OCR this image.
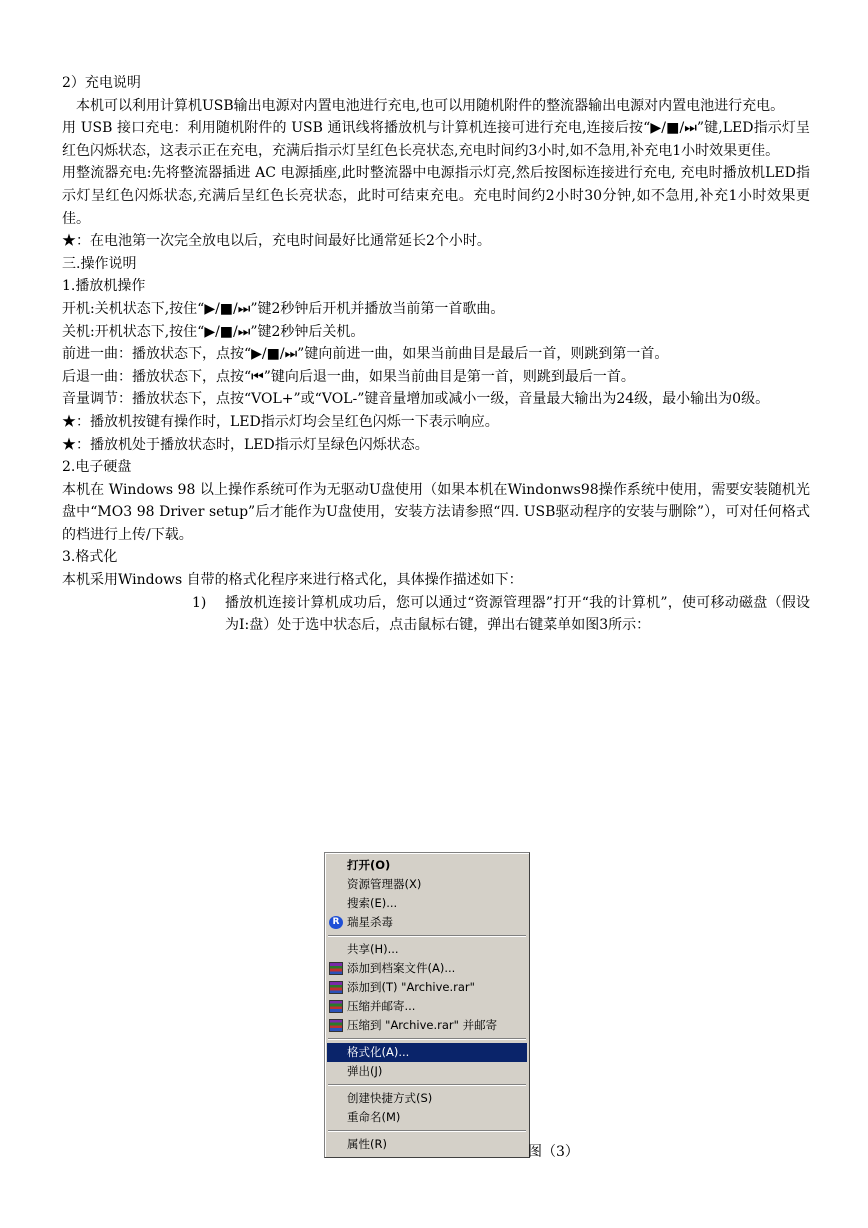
2）充电说明

本机可以利用计算机USB输出电源对内置电池进行充电,也可以用随机附件的整流器输出电源对内置电池进行充电。

用 USB 接口充电：利用随机附件的 USB 通讯线将播放机与计算机连接可进行充电,连接后按“▶/■/⏭”键,LED指示灯呈红色闪烁状态，这表示正在充电，充满后指示灯呈红色长亮状态,充电时间约3小时,如不急用,补充电1小时效果更佳。

用整流器充电:先将整流器插进 AC 电源插座,此时整流器中电源指示灯亮,然后按图标连接进行充电, 充电时播放机LED指示灯呈红色闪烁状态,充满后呈红色长亮状态，此时可结束充电。充电时间约2小时30分钟,如不急用,补充1小时效果更佳。

★：在电池第一次完全放电以后，充电时间最好比通常延长2个小时。

三.操作说明

1.播放机操作

开机:关机状态下,按住“▶/■/⏭”键2秒钟后开机并播放当前第一首歌曲。

关机:开机状态下,按住“▶/■/⏭”键2秒钟后关机。

前进一曲：播放状态下，点按“▶/■/⏭”键向前进一曲，如果当前曲目是最后一首，则跳到第一首。

后退一曲：播放状态下，点按“⏮”键向后退一曲，如果当前曲目是第一首，则跳到最后一首。

音量调节：播放状态下，点按“VOL+”或“VOL-”键音量增加或减小一级，音量最大输出为24级，最小输出为0级。

★：播放机按键有操作时，LED指示灯均会呈红色闪烁一下表示响应。

★：播放机处于播放状态时，LED指示灯呈绿色闪烁状态。

2.电子硬盘

本机在 Windows 98 以上操作系统可作为无驱动U盘使用（如果本机在Windonws98操作系统中使用，需要安装随机光盘中“MO3 98 Driver setup”后才能作为U盘使用，安装方法请参照“四. USB驱动程序的安装与删除”），可对任何格式的档进行上传/下载。

3.格式化

本机采用Windows 自带的格式化程序来进行格式化，具体操作描述如下：

1) 播放机连接计算机成功后，您可以通过“资源管理器”打开“我的计算机”，使可移动磁盘（假设为I:盘）处于选中状态后，点击鼠标右键，弹出右键菜单如图3所示：

打开(O)
资源管理器(X)
搜索(E)...
R 瑞星杀毒
共享(H)...
添加到档案文件(A)...
添加到(T) "Archive.rar"
压缩并邮寄...
压缩到 "Archive.rar" 并邮寄
格式化(A)...
弹出(J)
创建快捷方式(S)
重命名(M)
属性(R)	图（3）
